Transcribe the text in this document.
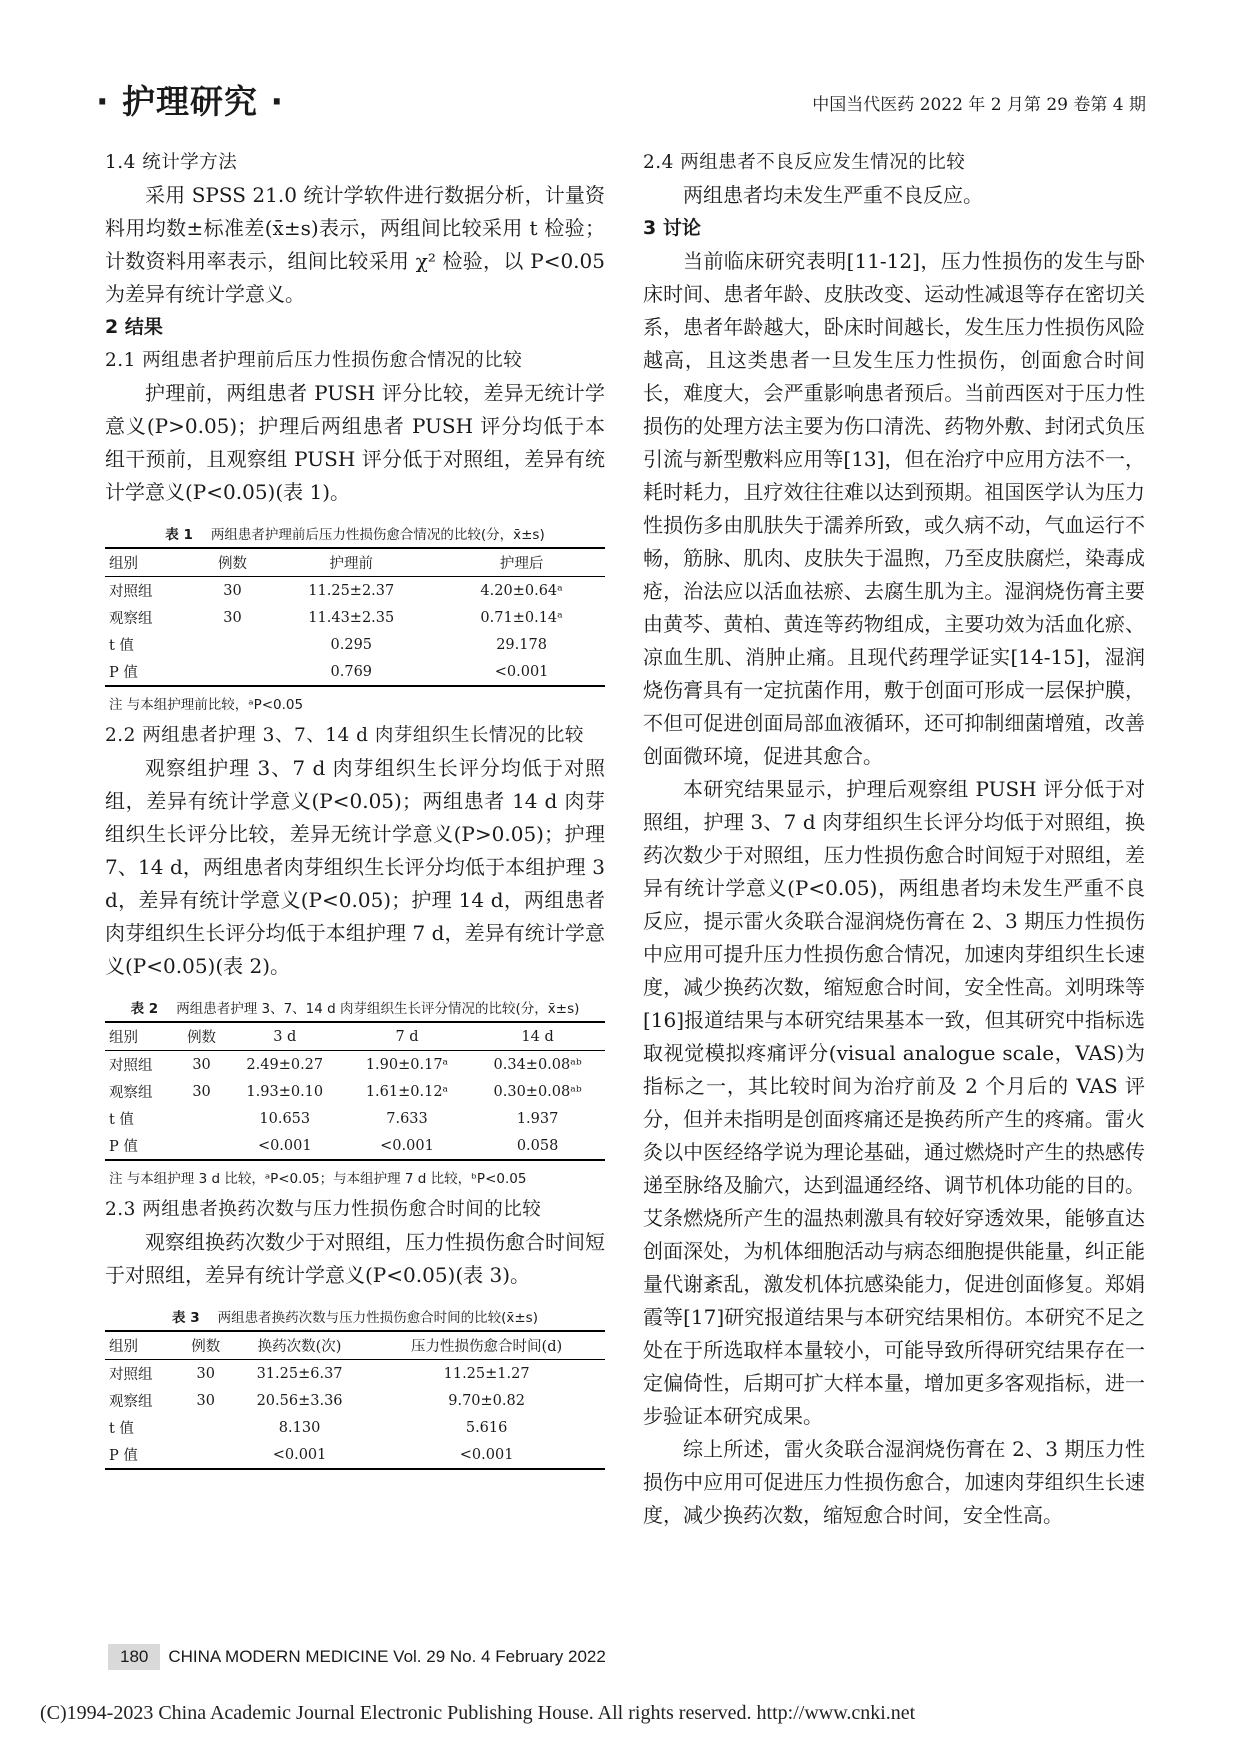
· 护理研究 ·	中国当代医药 2022 年 2 月第 29 卷第 4 期

1.4 统计学方法

采用 SPSS 21.0 统计学软件进行数据分析，计量资料用均数±标准差(x̄±s)表示，两组间比较采用 t 检验；计数资料用率表示，组间比较采用 χ² 检验，以 P<0.05 为差异有统计学意义。

2 结果

2.1 两组患者护理前后压力性损伤愈合情况的比较

护理前，两组患者 PUSH 评分比较，差异无统计学意义(P>0.05)；护理后两组患者 PUSH 评分均低于本组干预前，且观察组 PUSH 评分低于对照组，差异有统计学意义(P<0.05)(表 1)。

表 1 两组患者护理前后压力性损伤愈合情况的比较(分，x̄±s)
组别	例数	护理前	护理后
对照组	30	11.25±2.37	4.20±0.64ᵃ
观察组	30	11.43±2.35	0.71±0.14ᵃ
t 值		0.295	29.178
P 值		0.769	<0.001
注 与本组护理前比较，ᵃP<0.05

2.2 两组患者护理 3、7、14 d 肉芽组织生长情况的比较

观察组护理 3、7 d 肉芽组织生长评分均低于对照组，差异有统计学意义(P<0.05)；两组患者 14 d 肉芽组织生长评分比较，差异无统计学意义(P>0.05)；护理 7、14 d，两组患者肉芽组织生长评分均低于本组护理 3 d，差异有统计学意义(P<0.05)；护理 14 d，两组患者肉芽组织生长评分均低于本组护理 7 d，差异有统计学意义(P<0.05)(表 2)。

表 2 两组患者护理 3、7、14 d 肉芽组织生长评分情况的比较(分，x̄±s)
组别	例数	3 d	7 d	14 d
对照组	30	2.49±0.27	1.90±0.17ᵃ	0.34±0.08ᵃᵇ
观察组	30	1.93±0.10	1.61±0.12ᵃ	0.30±0.08ᵃᵇ
t 值		10.653	7.633	1.937
P 值		<0.001	<0.001	0.058
注 与本组护理 3 d 比较，ᵃP<0.05；与本组护理 7 d 比较，ᵇP<0.05

2.3 两组患者换药次数与压力性损伤愈合时间的比较

观察组换药次数少于对照组，压力性损伤愈合时间短于对照组，差异有统计学意义(P<0.05)(表 3)。

表 3 两组患者换药次数与压力性损伤愈合时间的比较(x̄±s)
组别	例数	换药次数(次)	压力性损伤愈合时间(d)
对照组	30	31.25±6.37	11.25±1.27
观察组	30	20.56±3.36	9.70±0.82
t 值		8.130	5.616
P 值		<0.001	<0.001

2.4 两组患者不良反应发生情况的比较

两组患者均未发生严重不良反应。

3 讨论

当前临床研究表明[11-12]，压力性损伤的发生与卧床时间、患者年龄、皮肤改变、运动性减退等存在密切关系，患者年龄越大，卧床时间越长，发生压力性损伤风险越高，且这类患者一旦发生压力性损伤，创面愈合时间长，难度大，会严重影响患者预后。当前西医对于压力性损伤的处理方法主要为伤口清洗、药物外敷、封闭式负压引流与新型敷料应用等[13]，但在治疗中应用方法不一，耗时耗力，且疗效往往难以达到预期。祖国医学认为压力性损伤多由肌肤失于濡养所致，或久病不动，气血运行不畅，筋脉、肌肉、皮肤失于温煦，乃至皮肤腐烂，染毒成疮，治法应以活血祛瘀、去腐生肌为主。湿润烧伤膏主要由黄芩、黄柏、黄连等药物组成，主要功效为活血化瘀、凉血生肌、消肿止痛。且现代药理学证实[14-15]，湿润烧伤膏具有一定抗菌作用，敷于创面可形成一层保护膜，不但可促进创面局部血液循环，还可抑制细菌增殖，改善创面微环境，促进其愈合。

本研究结果显示，护理后观察组 PUSH 评分低于对照组，护理 3、7 d 肉芽组织生长评分均低于对照组，换药次数少于对照组，压力性损伤愈合时间短于对照组，差异有统计学意义(P<0.05)，两组患者均未发生严重不良反应，提示雷火灸联合湿润烧伤膏在 2、3 期压力性损伤中应用可提升压力性损伤愈合情况，加速肉芽组织生长速度，减少换药次数，缩短愈合时间，安全性高。刘明珠等[16]报道结果与本研究结果基本一致，但其研究中指标选取视觉模拟疼痛评分(visual analogue scale，VAS)为指标之一，其比较时间为治疗前及 2 个月后的 VAS 评分，但并未指明是创面疼痛还是换药所产生的疼痛。雷火灸以中医经络学说为理论基础，通过燃烧时产生的热感传递至脉络及腧穴，达到温通经络、调节机体功能的目的。艾条燃烧所产生的温热刺激具有较好穿透效果，能够直达创面深处，为机体细胞活动与病态细胞提供能量，纠正能量代谢紊乱，激发机体抗感染能力，促进创面修复。郑娟霞等[17]研究报道结果与本研究结果相仿。本研究不足之处在于所选取样本量较小，可能导致所得研究结果存在一定偏倚性，后期可扩大样本量，增加更多客观指标，进一步验证本研究成果。

综上所述，雷火灸联合湿润烧伤膏在 2、3 期压力性损伤中应用可促进压力性损伤愈合，加速肉芽组织生长速度，减少换药次数，缩短愈合时间，安全性高。

180 CHINA MODERN MEDICINE Vol. 29 No. 4 February 2022
(C)1994-2023 China Academic Journal Electronic Publishing House. All rights reserved. http://www.cnki.net
